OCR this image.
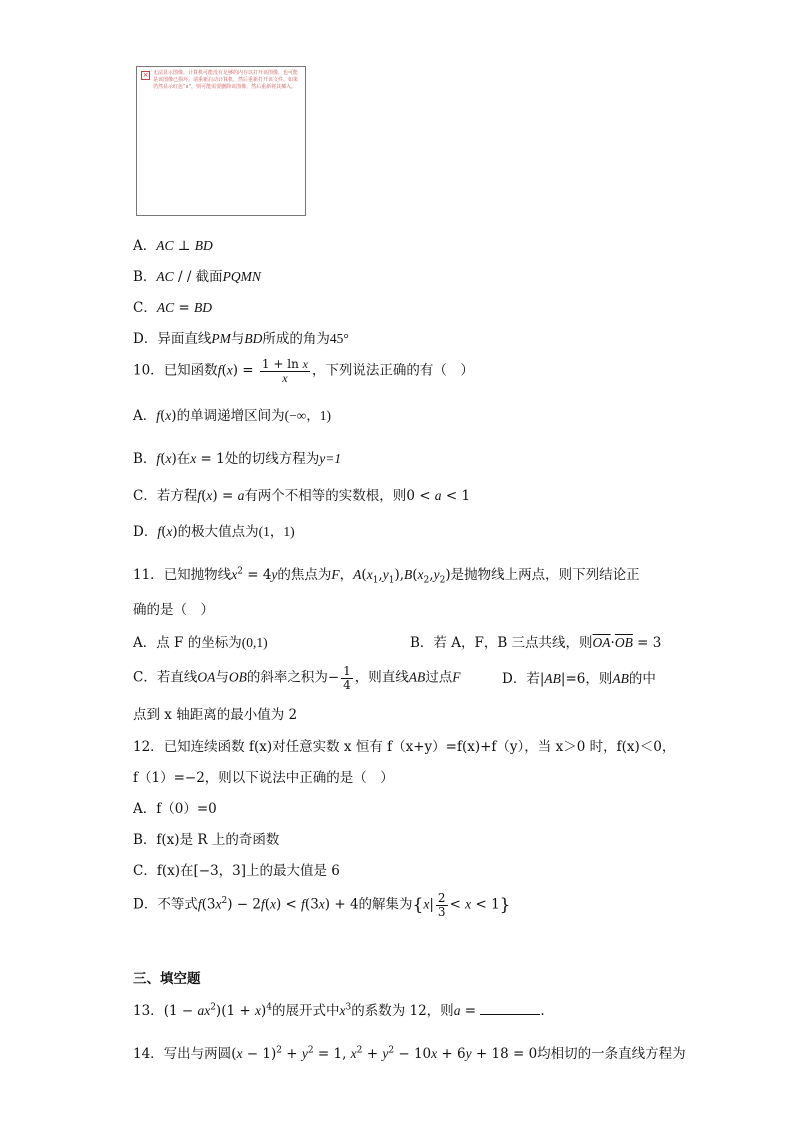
× 无法显示图像。计算机可能没有足够的内存以打开该图像，也可能是该图像已损坏。请重新启动计算机，然后重新打开该文件。如果仍然显示红色“x”，则可能需要删除该图像，然后重新将其插入。
A．AC ⊥ BD
B．AC / / 截面PQMN
C．AC = BD
D．异面直线PM与BD所成的角为45°
10．已知函数$f(x) = \frac{\text{1 + ln x}}{x}$ ，下列说法正确的有（　）
A．f(x)的单调递增区间为(−∞，1)
B．f(x)在x = 1处的切线方程为y=1
C．若方程f(x) = a有两个不相等的实数根，则0 < a < 1
D．f(x)的极大值点为(1，1)
11．已知抛物线$x^2 = 4y$的焦点为F，$A(x_1,y_1),B(x_2,y_2)$是抛物线上两点，则下列结论正
确的是（　）
A．点 F 的坐标为(0,1)	B．若 A，F，B 三点共线，则$\overline{OA}\cdot\overline{OB} = 3$
C．若直线OA与OB的斜率之积为− $\frac{1}{4}$ ，则直线AB过点F	D．若|AB|=6，则AB的中
点到 x 轴距离的最小值为 2
12．已知连续函数 f(x)对任意实数 x 恒有 f（x+y）=f(x)+f（y），当 x＞0 时，f(x)＜0，
f（1）=−2，则以下说法中正确的是（　）
A．f（0）=0
B．f(x)是 R 上的奇函数
C．f(x)在[−3，3]上的最大值是 6
D．不等式$f(3x^2) - 2f(x) < f(3x) + 4$的解集为$\{x| \frac{2}{3} < x < 1\}$
三、填空题
13．$(1 - ax^2)(1 + x)^4$的展开式中$x^3$的系数为 12，则a =	.
14．写出与两圆$(x - 1)^2 + y^2 = 1$, $x^2 + y^2 - 10x + 6y + 18 = 0$均相切的一条直线方程为
